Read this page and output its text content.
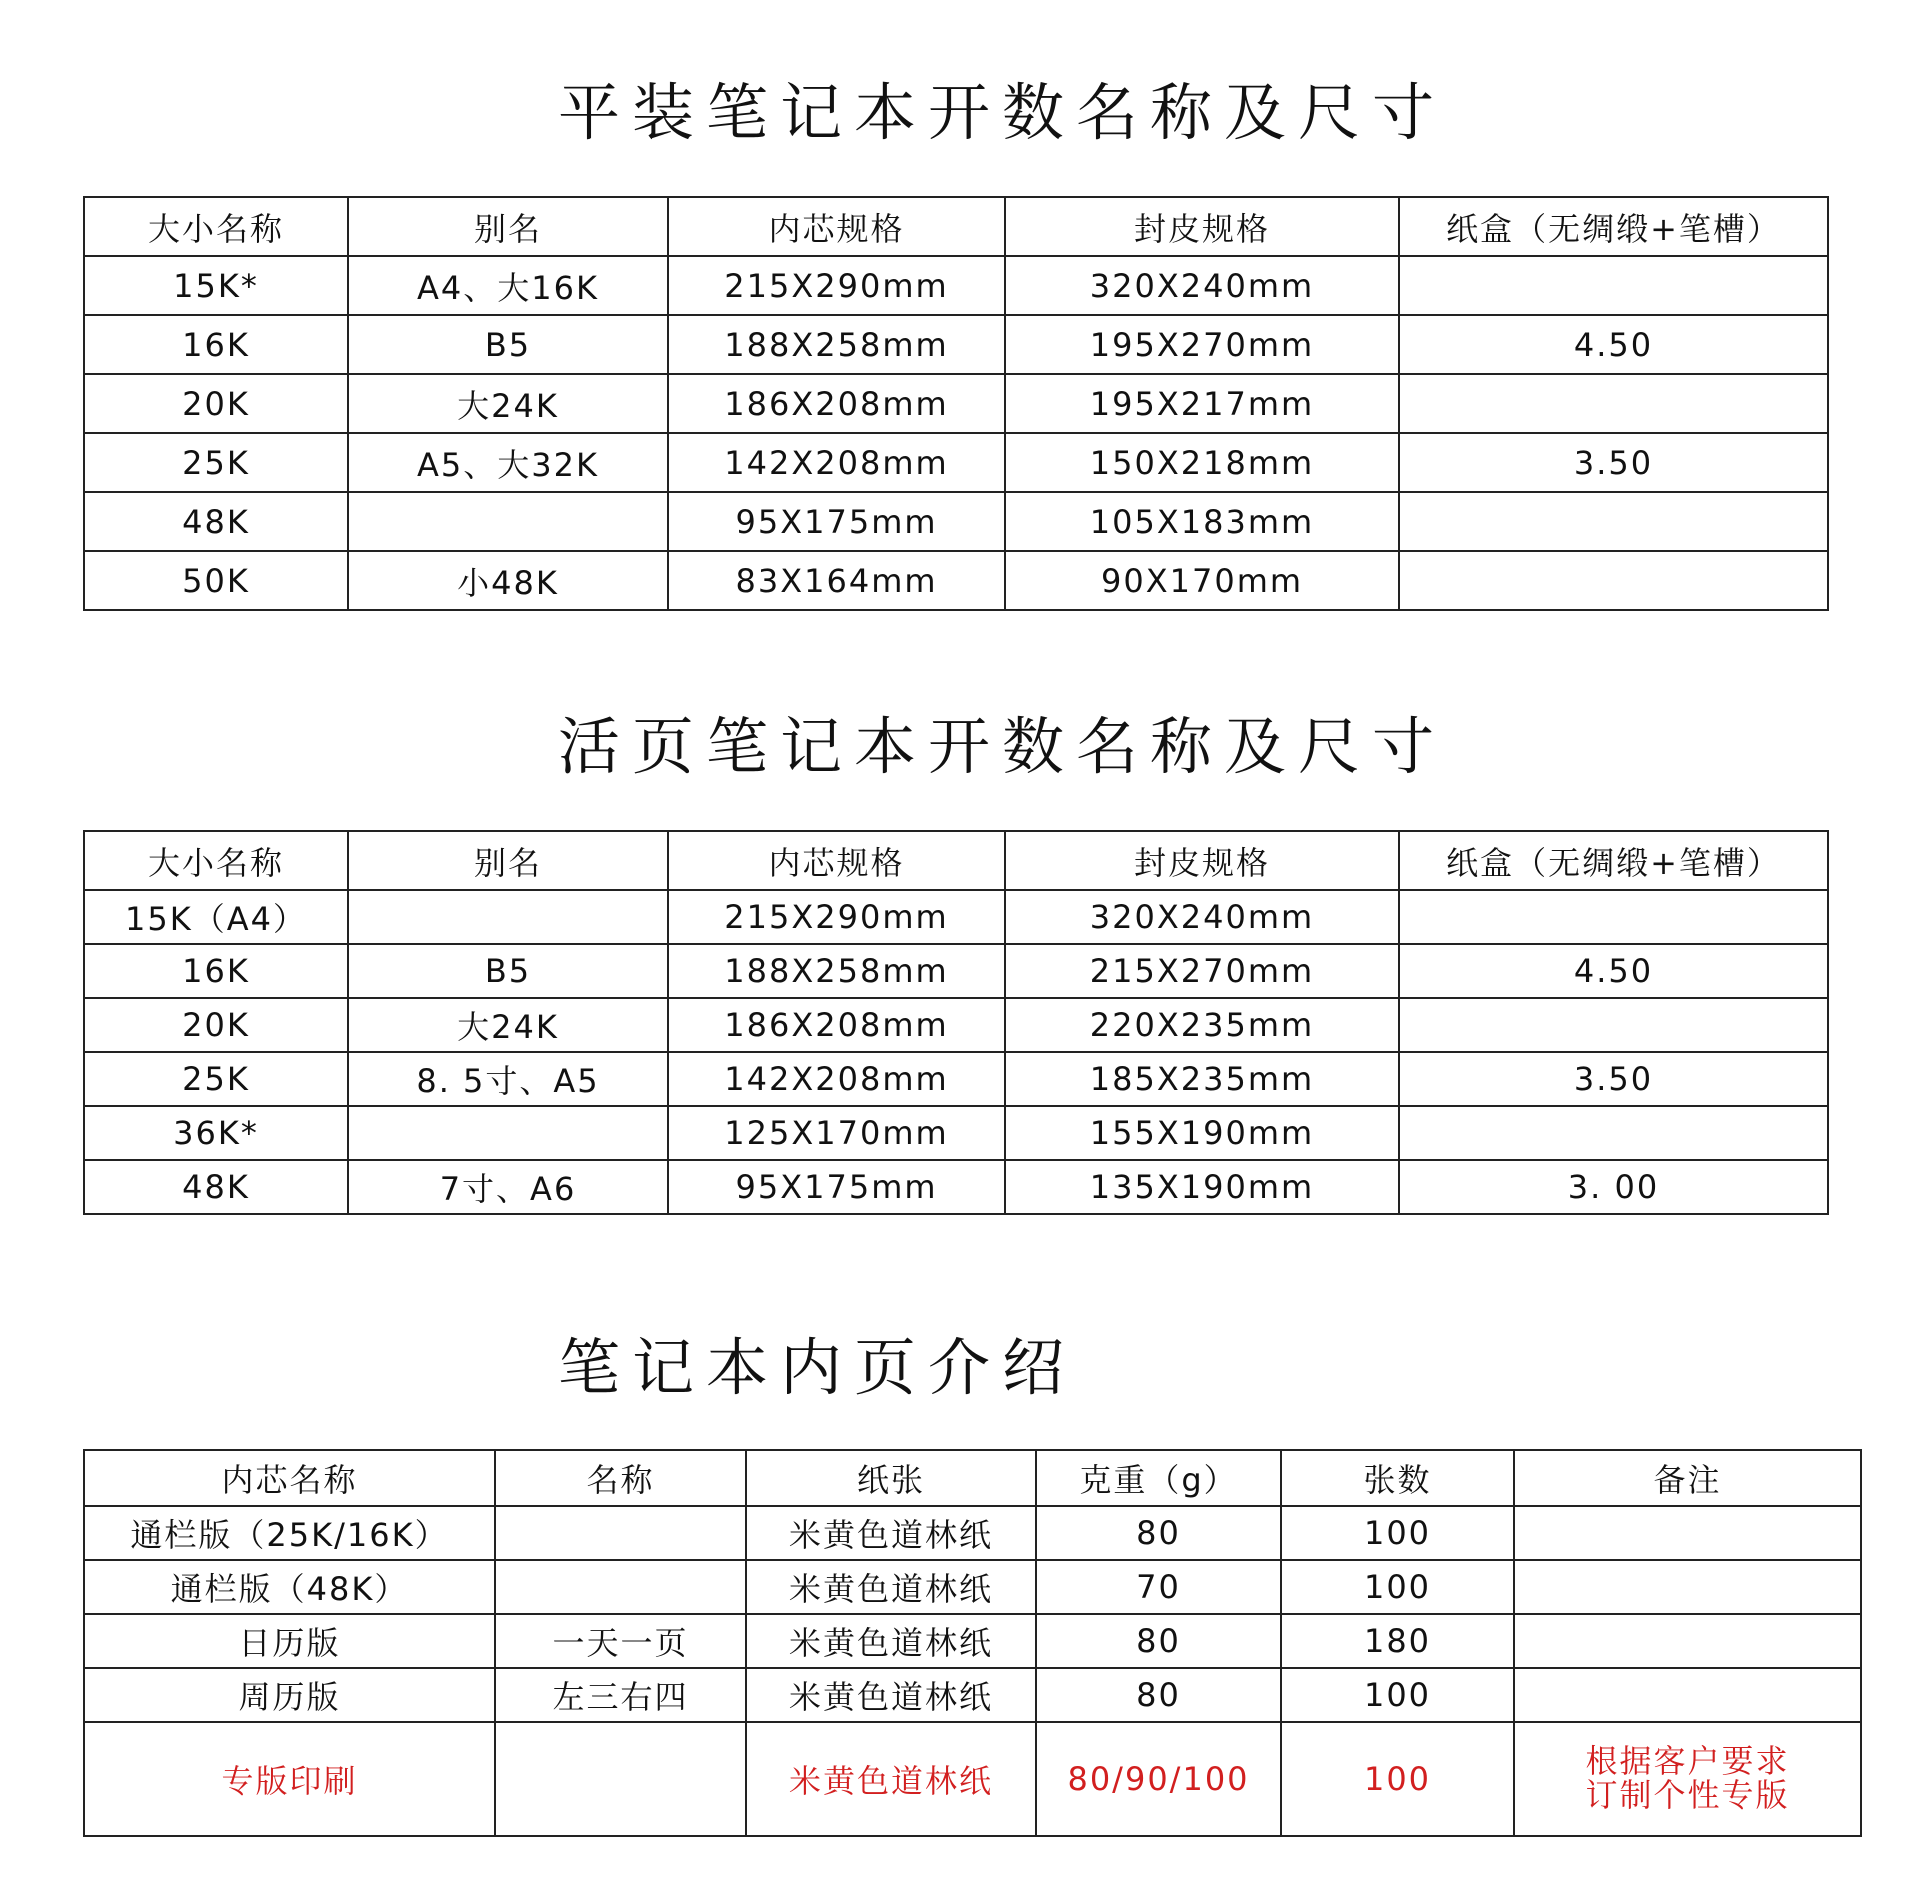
平装笔记本开数名称及尺寸
大小名称	别名	内芯规格	封皮规格	纸盒（无绸缎+笔槽）
15K*	A4、大16K	215X290mm	320X240mm	
16K	B5	188X258mm	195X270mm	4.50
20K	大24K	186X208mm	195X217mm	
25K	A5、大32K	142X208mm	150X218mm	3.50
48K		95X175mm	105X183mm	
50K	小48K	83X164mm	90X170mm	
活页笔记本开数名称及尺寸
大小名称	别名	内芯规格	封皮规格	纸盒（无绸缎+笔槽）
15K（A4）		215X290mm	320X240mm	
16K	B5	188X258mm	215X270mm	4.50
20K	大24K	186X208mm	220X235mm	
25K	8. 5寸、A5	142X208mm	185X235mm	3.50
36K*		125X170mm	155X190mm	
48K	7寸、A6	95X175mm	135X190mm	3. 00
笔记本内页介绍
内芯名称	名称	纸张	克重（g）	张数	备注
通栏版（25K/16K）		米黄色道林纸	80	100	
通栏版（48K）		米黄色道林纸	70	100	
日历版	一天一页	米黄色道林纸	80	180	
周历版	左三右四	米黄色道林纸	80	100	
专版印刷		米黄色道林纸	80/90/100	100	根据客户要求
订制个性专版
